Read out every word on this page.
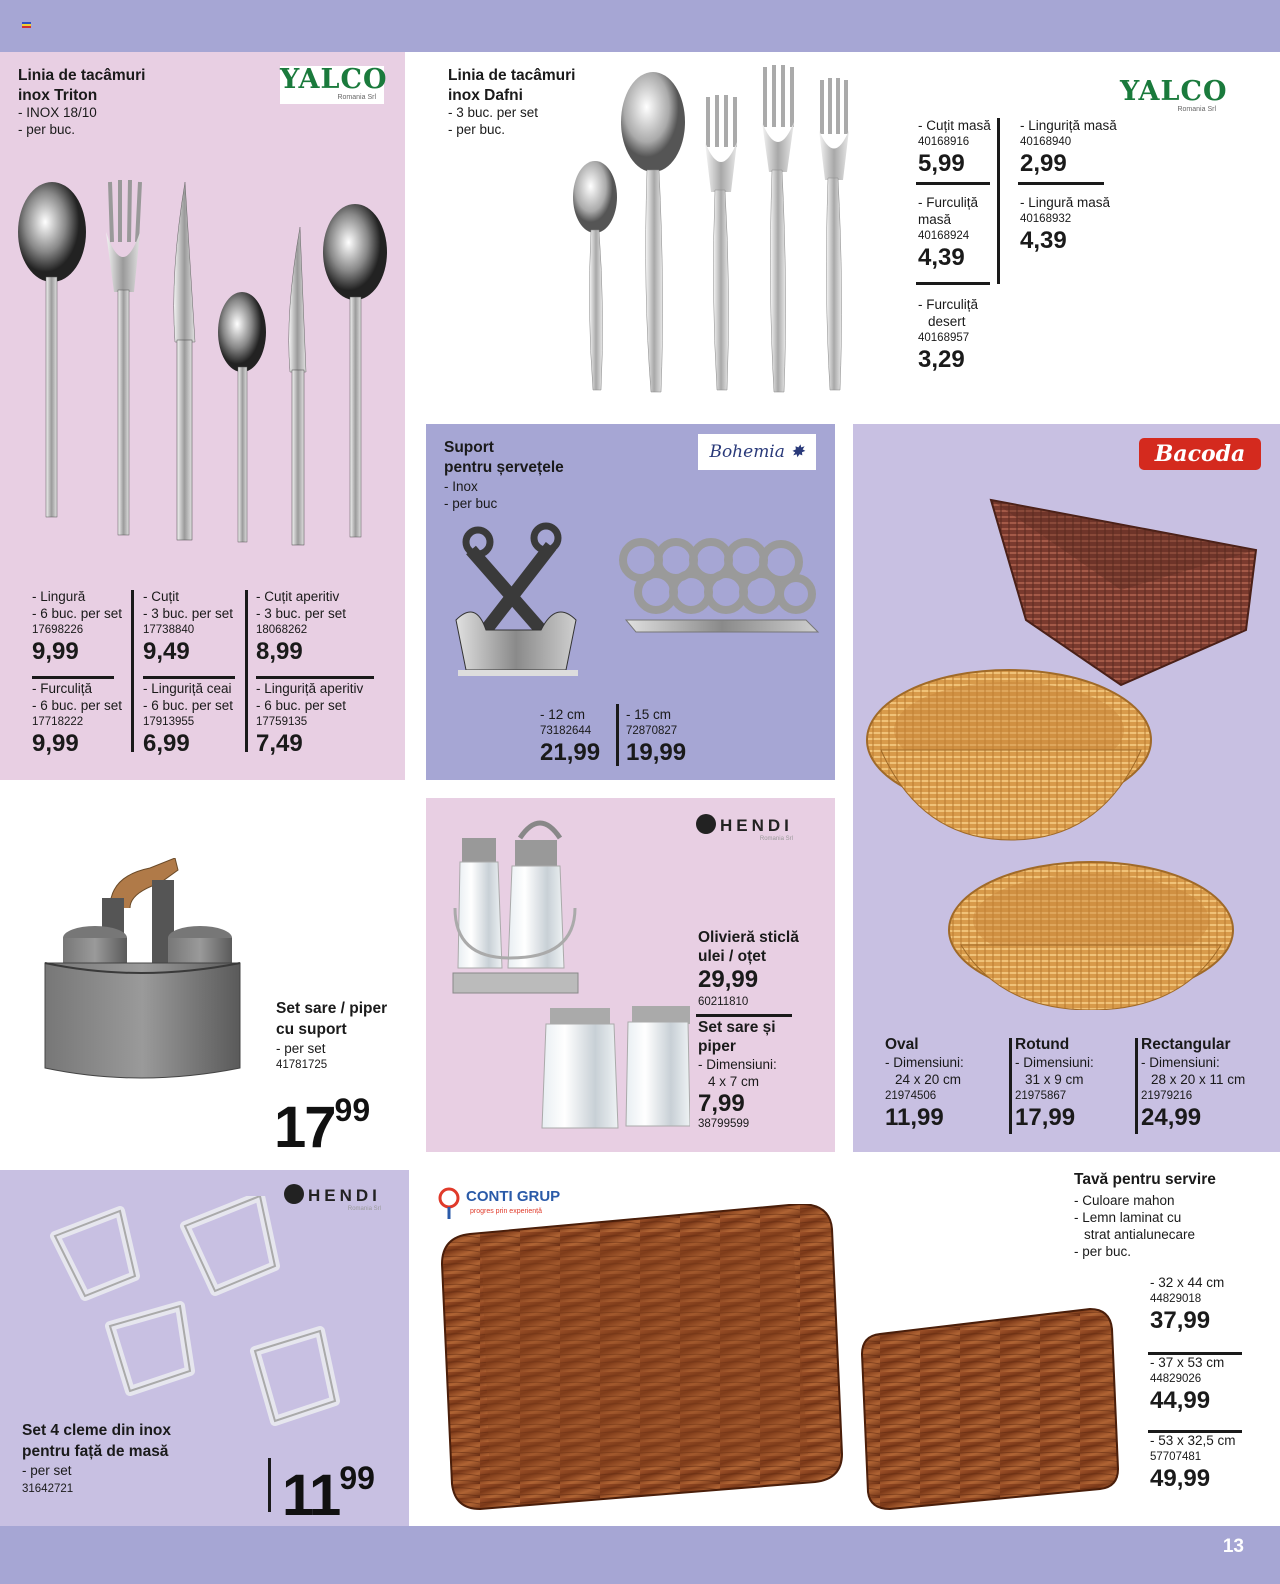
13
Linia de tacâmuri
inox Triton
- INOX 18/10
- per buc.
YALCO
Romania Srl
- Lingură
- 6 buc. per set
17698226
9,99
- Cuțit
- 3 buc. per set
17738840
9,49
- Cuțit aperitiv
- 3 buc. per set
18068262
8,99
- Furculiță
- 6 buc. per set
17718222
9,99
- Linguriță ceai
- 6 buc. per set
17913955
6,99
- Linguriță aperitiv
- 6 buc. per set
17759135
7,49
Linia de tacâmuri
inox Dafni
- 3 buc. per set
- per buc.
YALCO
Romania Srl
- Cuțit masă
40168916
5,99
- Linguriță masă
40168940
2,99
- Furculiță
masă
40168924
4,39
- Lingură masă
40168932
4,39
- Furculiță
desert
40168957
3,29
Suport
pentru șervețele
- Inox
- per buc
Bohemia ✸
- 12 cm
73182644
21,99
- 15 cm
72870827
19,99
Bacoda
Oval
- Dimensiuni:
24 x 20 cm
21974506
11,99
Rotund
- Dimensiuni:
31 x 9 cm
21975867
17,99
Rectangular
- Dimensiuni:
28 x 20 x 11 cm
21979216
24,99
Set sare / piper
cu suport
- per set
41781725
1799
HENDI
Romania Srl
Olivieră sticlă
ulei / oțet
29,99
60211810
Set sare și
piper
- Dimensiuni:
4 x 7 cm
7,99
38799599
HENDI
Romania Srl
Set 4 cleme din inox
pentru față de masă
- per set
31642721	1199
CONTI GRUP
progres prin experiență
Tavă pentru servire
- Culoare mahon
- Lemn laminat cu
strat antialunecare
- per buc.
- 32 x 44 cm
44829018
37,99
- 37 x 53 cm
44829026
44,99
- 53 x 32,5 cm
57707481
49,99
